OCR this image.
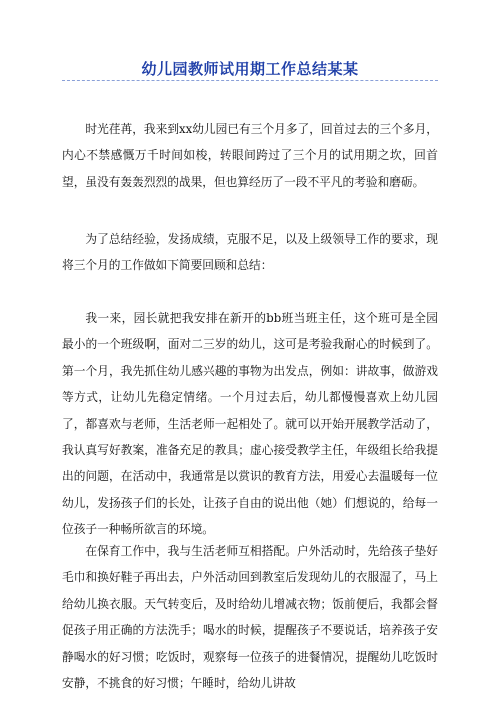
幼儿园教师试用期工作总结某某

时光荏苒，我来到xx幼儿园已有三个月多了，回首过去的三个多月，内心不禁感慨万千时间如梭，转眼间跨过了三个月的试用期之坎，回首望，虽没有轰轰烈烈的战果，但也算经历了一段不平凡的考验和磨砺。

为了总结经验，发扬成绩，克服不足，以及上级领导工作的要求，现将三个月的工作做如下简要回顾和总结：

我一来，园长就把我安排在新开的bb班当班主任，这个班可是全园最小的一个班级啊，面对二三岁的幼儿，这可是考验我耐心的时候到了。第一个月，我先抓住幼儿感兴趣的事物为出发点，例如：讲故事，做游戏等方式，让幼儿先稳定情绪。一个月过去后，幼儿都慢慢喜欢上幼儿园了，都喜欢与老师，生活老师一起相处了。就可以开始开展教学活动了，我认真写好教案，准备充足的教具；虚心接受教学主任，年级组长给我提出的问题，在活动中，我通常是以赏识的教育方法，用爱心去温暖每一位幼儿，发扬孩子们的长处，让孩子自由的说出他（她）们想说的，给每一位孩子一种畅所欲言的环境。

在保育工作中，我与生活老师互相搭配。户外活动时，先给孩子垫好毛巾和换好鞋子再出去，户外活动回到教室后发现幼儿的衣服湿了，马上给幼儿换衣服。天气转变后，及时给幼儿增减衣物；饭前便后，我都会督促孩子用正确的方法洗手；喝水的时候，提醒孩子不要说话，培养孩子安静喝水的好习惯；吃饭时，观察每一位孩子的进餐情况，提醒幼儿吃饭时安静，不挑食的好习惯；午睡时，给幼儿讲故
